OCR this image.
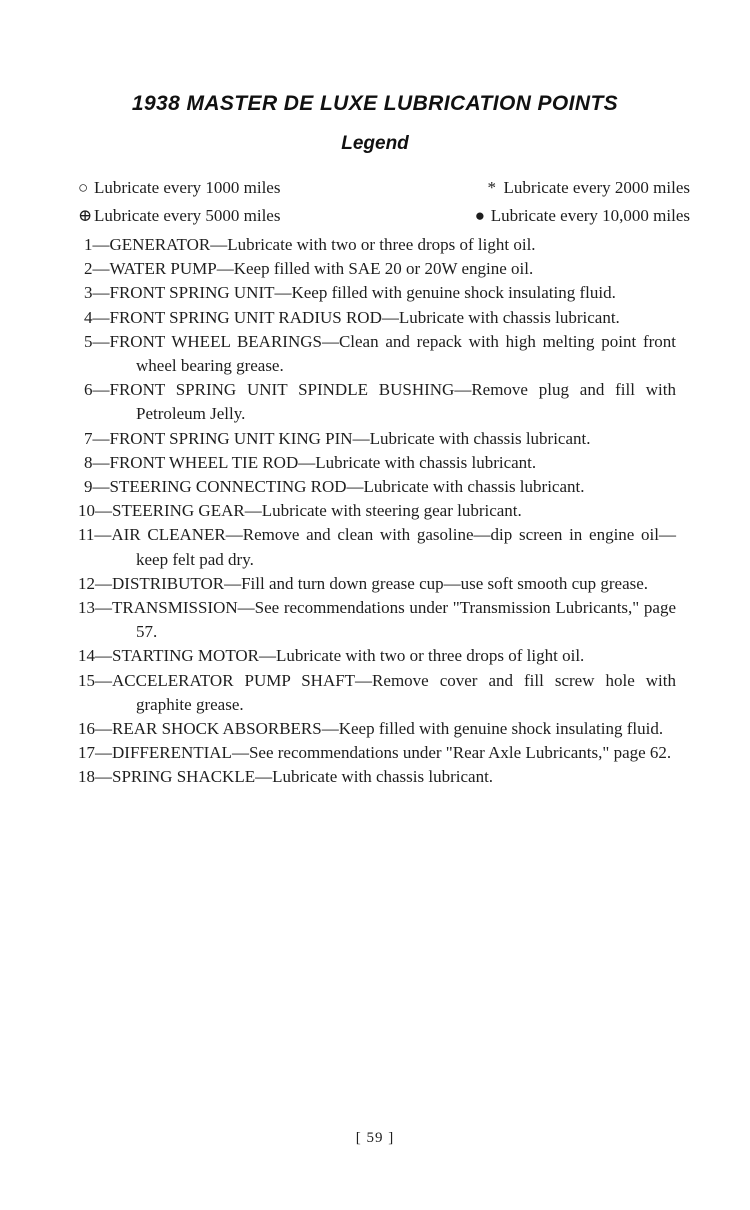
1938 MASTER DE LUXE LUBRICATION POINTS
Legend
○ Lubricate every 1000 miles	* Lubricate every 2000 miles
⊕ Lubricate every 5000 miles	● Lubricate every 10,000 miles
1—GENERATOR—Lubricate with two or three drops of light oil.
2—WATER PUMP—Keep filled with SAE 20 or 20W engine oil.
3—FRONT SPRING UNIT—Keep filled with genuine shock insulating fluid.
4—FRONT SPRING UNIT RADIUS ROD—Lubricate with chassis lubricant.
5—FRONT WHEEL BEARINGS—Clean and repack with high melting point front wheel bearing grease.
6—FRONT SPRING UNIT SPINDLE BUSHING—Remove plug and fill with Petroleum Jelly.
7—FRONT SPRING UNIT KING PIN—Lubricate with chassis lubricant.
8—FRONT WHEEL TIE ROD—Lubricate with chassis lubricant.
9—STEERING CONNECTING ROD—Lubricate with chassis lubricant.
10—STEERING GEAR—Lubricate with steering gear lubricant.
11—AIR CLEANER—Remove and clean with gasoline—dip screen in engine oil—keep felt pad dry.
12—DISTRIBUTOR—Fill and turn down grease cup—use soft smooth cup grease.
13—TRANSMISSION—See recommendations under "Transmission Lubricants," page 57.
14—STARTING MOTOR—Lubricate with two or three drops of light oil.
15—ACCELERATOR PUMP SHAFT—Remove cover and fill screw hole with graphite grease.
16—REAR SHOCK ABSORBERS—Keep filled with genuine shock insulating fluid.
17—DIFFERENTIAL—See recommendations under "Rear Axle Lubricants," page 62.
18—SPRING SHACKLE—Lubricate with chassis lubricant.
[ 59 ]
